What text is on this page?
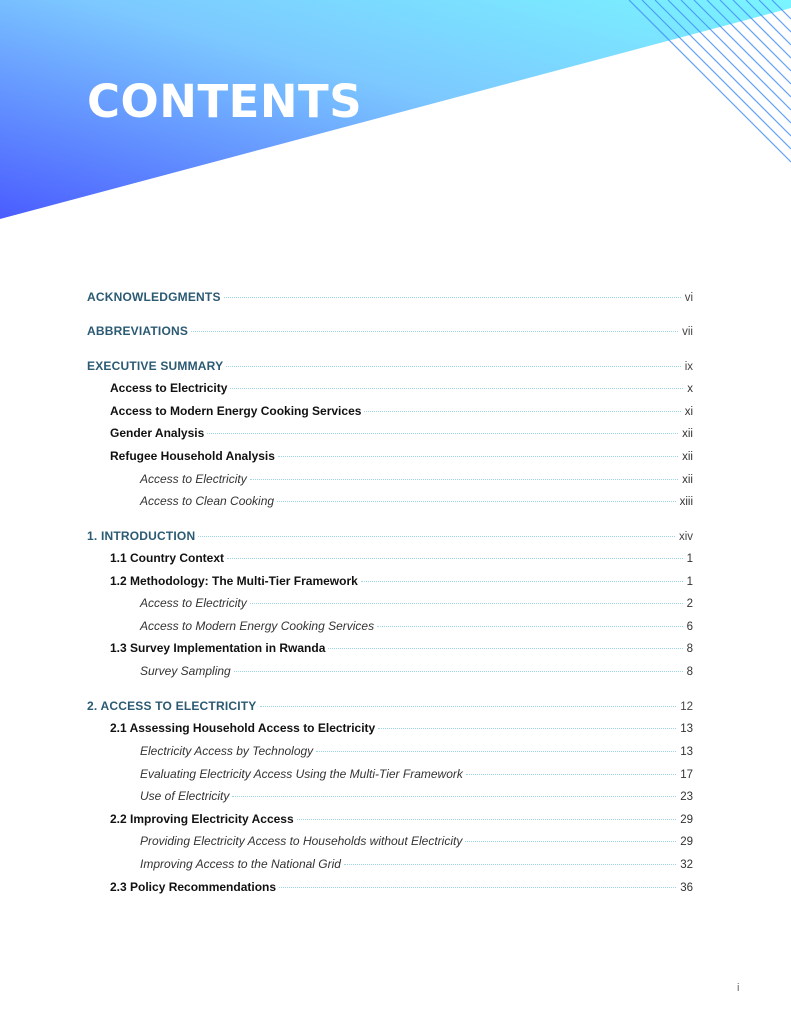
CONTENTS
ACKNOWLEDGMENTS	vi
ABBREVIATIONS	vii
EXECUTIVE SUMMARY	ix
Access to Electricity	x
Access to Modern Energy Cooking Services	xi
Gender Analysis	xii
Refugee Household Analysis	xii
Access to Electricity	xii
Access to Clean Cooking	xiii
1. INTRODUCTION	xiv
1.1 Country Context	1
1.2 Methodology: The Multi-Tier Framework	1
Access to Electricity	2
Access to Modern Energy Cooking Services	6
1.3 Survey Implementation in Rwanda	8
Survey Sampling	8
2. ACCESS TO ELECTRICITY	12
2.1 Assessing Household Access to Electricity	13
Electricity Access by Technology	13
Evaluating Electricity Access Using the Multi-Tier Framework	17
Use of Electricity	23
2.2 Improving Electricity Access	29
Providing Electricity Access to Households without Electricity	29
Improving Access to the National Grid	32
2.3 Policy Recommendations	36
i
